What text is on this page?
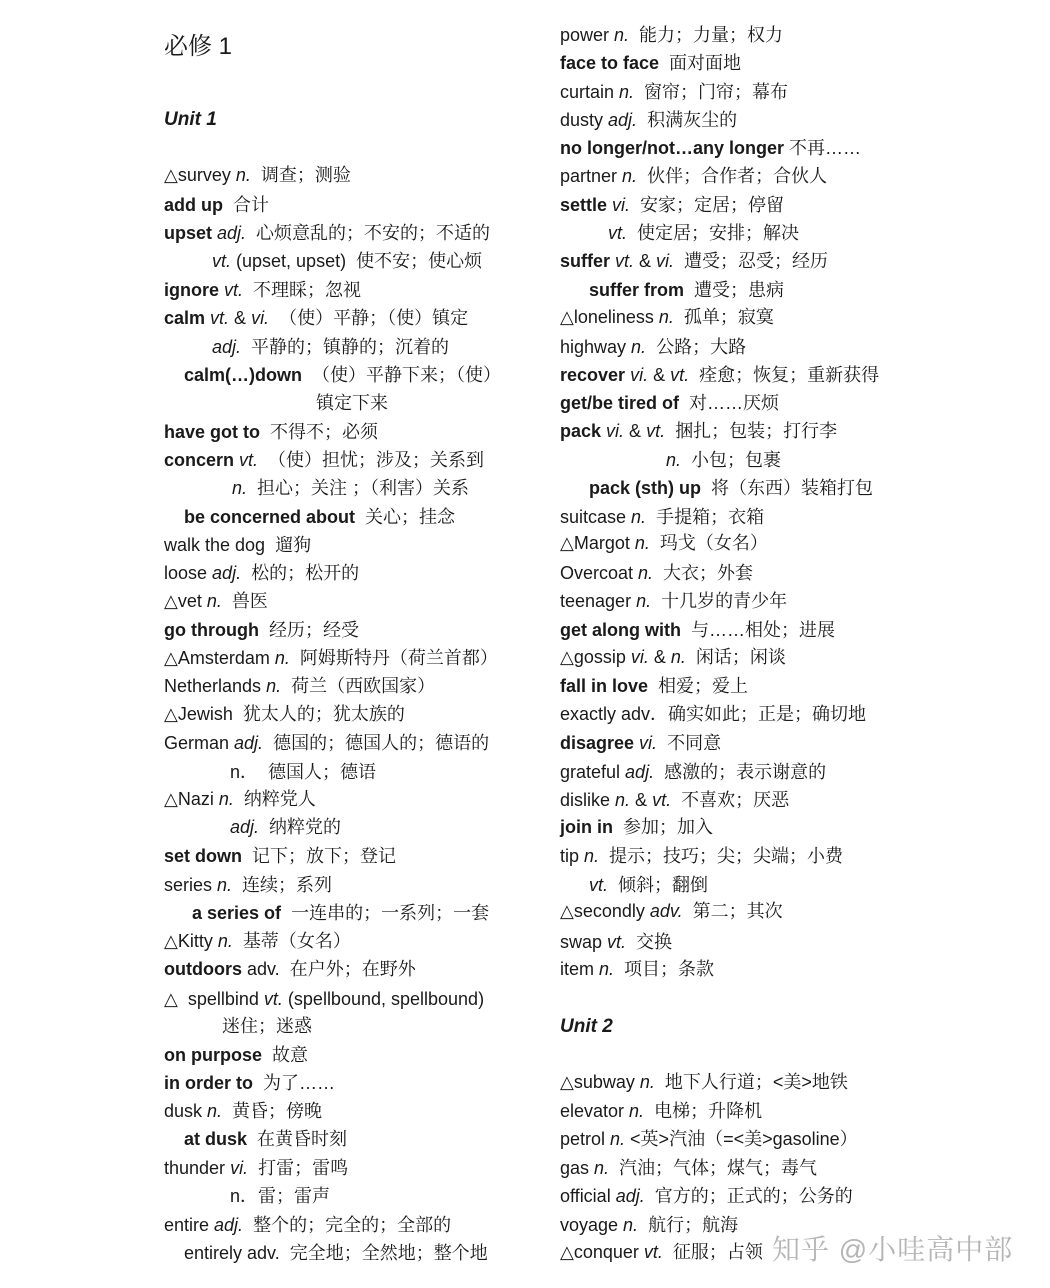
必修 1
Unit 1
△survey n.  调查；测验
add up  合计
upset adj.  心烦意乱的；不安的；不适的
vt. (upset, upset)  使不安；使心烦
ignore vt.  不理睬；忽视
calm vt. & vi.  （使）平静；（使）镇定
adj.  平静的；镇静的；沉着的
calm(…)down  （使）平静下来；（使）
镇定下来
have got to  不得不；必须
concern vt.  （使）担忧；涉及；关系到
n.  担心；关注 ；（利害）关系
be concerned about  关心；挂念
walk the dog  遛狗
loose adj.  松的；松开的
△vet n.  兽医
go through  经历；经受
△Amsterdam n.  阿姆斯特丹（荷兰首都）
Netherlands n.  荷兰（西欧国家）
△Jewish  犹太人的；犹太族的
German adj.  德国的；德国人的；德语的
n．  德国人；德语
△Nazi n.  纳粹党人
adj.  纳粹党的
set down  记下；放下；登记
series n.  连续；系列
a series of  一连串的；一系列；一套
△Kitty n.  基蒂（女名）
outdoors adv.  在户外；在野外
△  spellbind vt. (spellbound, spellbound)
迷住；迷惑
on purpose  故意
in order to  为了……
dusk n.  黄昏；傍晚
at dusk  在黄昏时刻
thunder vi.  打雷；雷鸣
n．雷；雷声
entire adj.  整个的；完全的；全部的
entirely adv.  完全地；全然地；整个地
power n.  能力；力量；权力
face to face  面对面地
curtain n.  窗帘；门帘；幕布
dusty adj.  积满灰尘的
no longer/not…any longer 不再……
partner n.  伙伴；合作者；合伙人
settle vi.  安家；定居；停留
vt.  使定居；安排；解决
suffer vt. & vi.  遭受；忍受；经历
suffer from  遭受；患病
△loneliness n.  孤单；寂寞
highway n.  公路；大路
recover vi. & vt.  痊愈；恢复；重新获得
get/be tired of  对……厌烦
pack vi. & vt.  捆扎；包装；打行李
n.  小包；包裹
pack (sth) up  将（东西）装箱打包
suitcase n.  手提箱；衣箱
△Margot n.  玛戈（女名）
Overcoat n.  大衣；外套
teenager n.  十几岁的青少年
get along with  与……相处；进展
△gossip vi. & n.  闲话；闲谈
fall in love  相爱；爱上
exactly adv．确实如此；正是；确切地
disagree vi.  不同意
grateful adj.  感激的；表示谢意的
dislike n. & vt.  不喜欢；厌恶
join in  参加；加入
tip n.  提示；技巧；尖；尖端；小费
vt.  倾斜；翻倒
△secondly adv.  第二；其次
swap vt.  交换
item n.  项目；条款
Unit 2
△subway n.  地下人行道；<美>地铁
elevator n.  电梯；升降机
petrol n. <英>汽油（=<美>gasoline）
gas n.  汽油；气体；煤气；毒气
official adj.  官方的；正式的；公务的
voyage n.  航行；航海
△conquer vt.  征服；占领 知乎 @小哇高中部
